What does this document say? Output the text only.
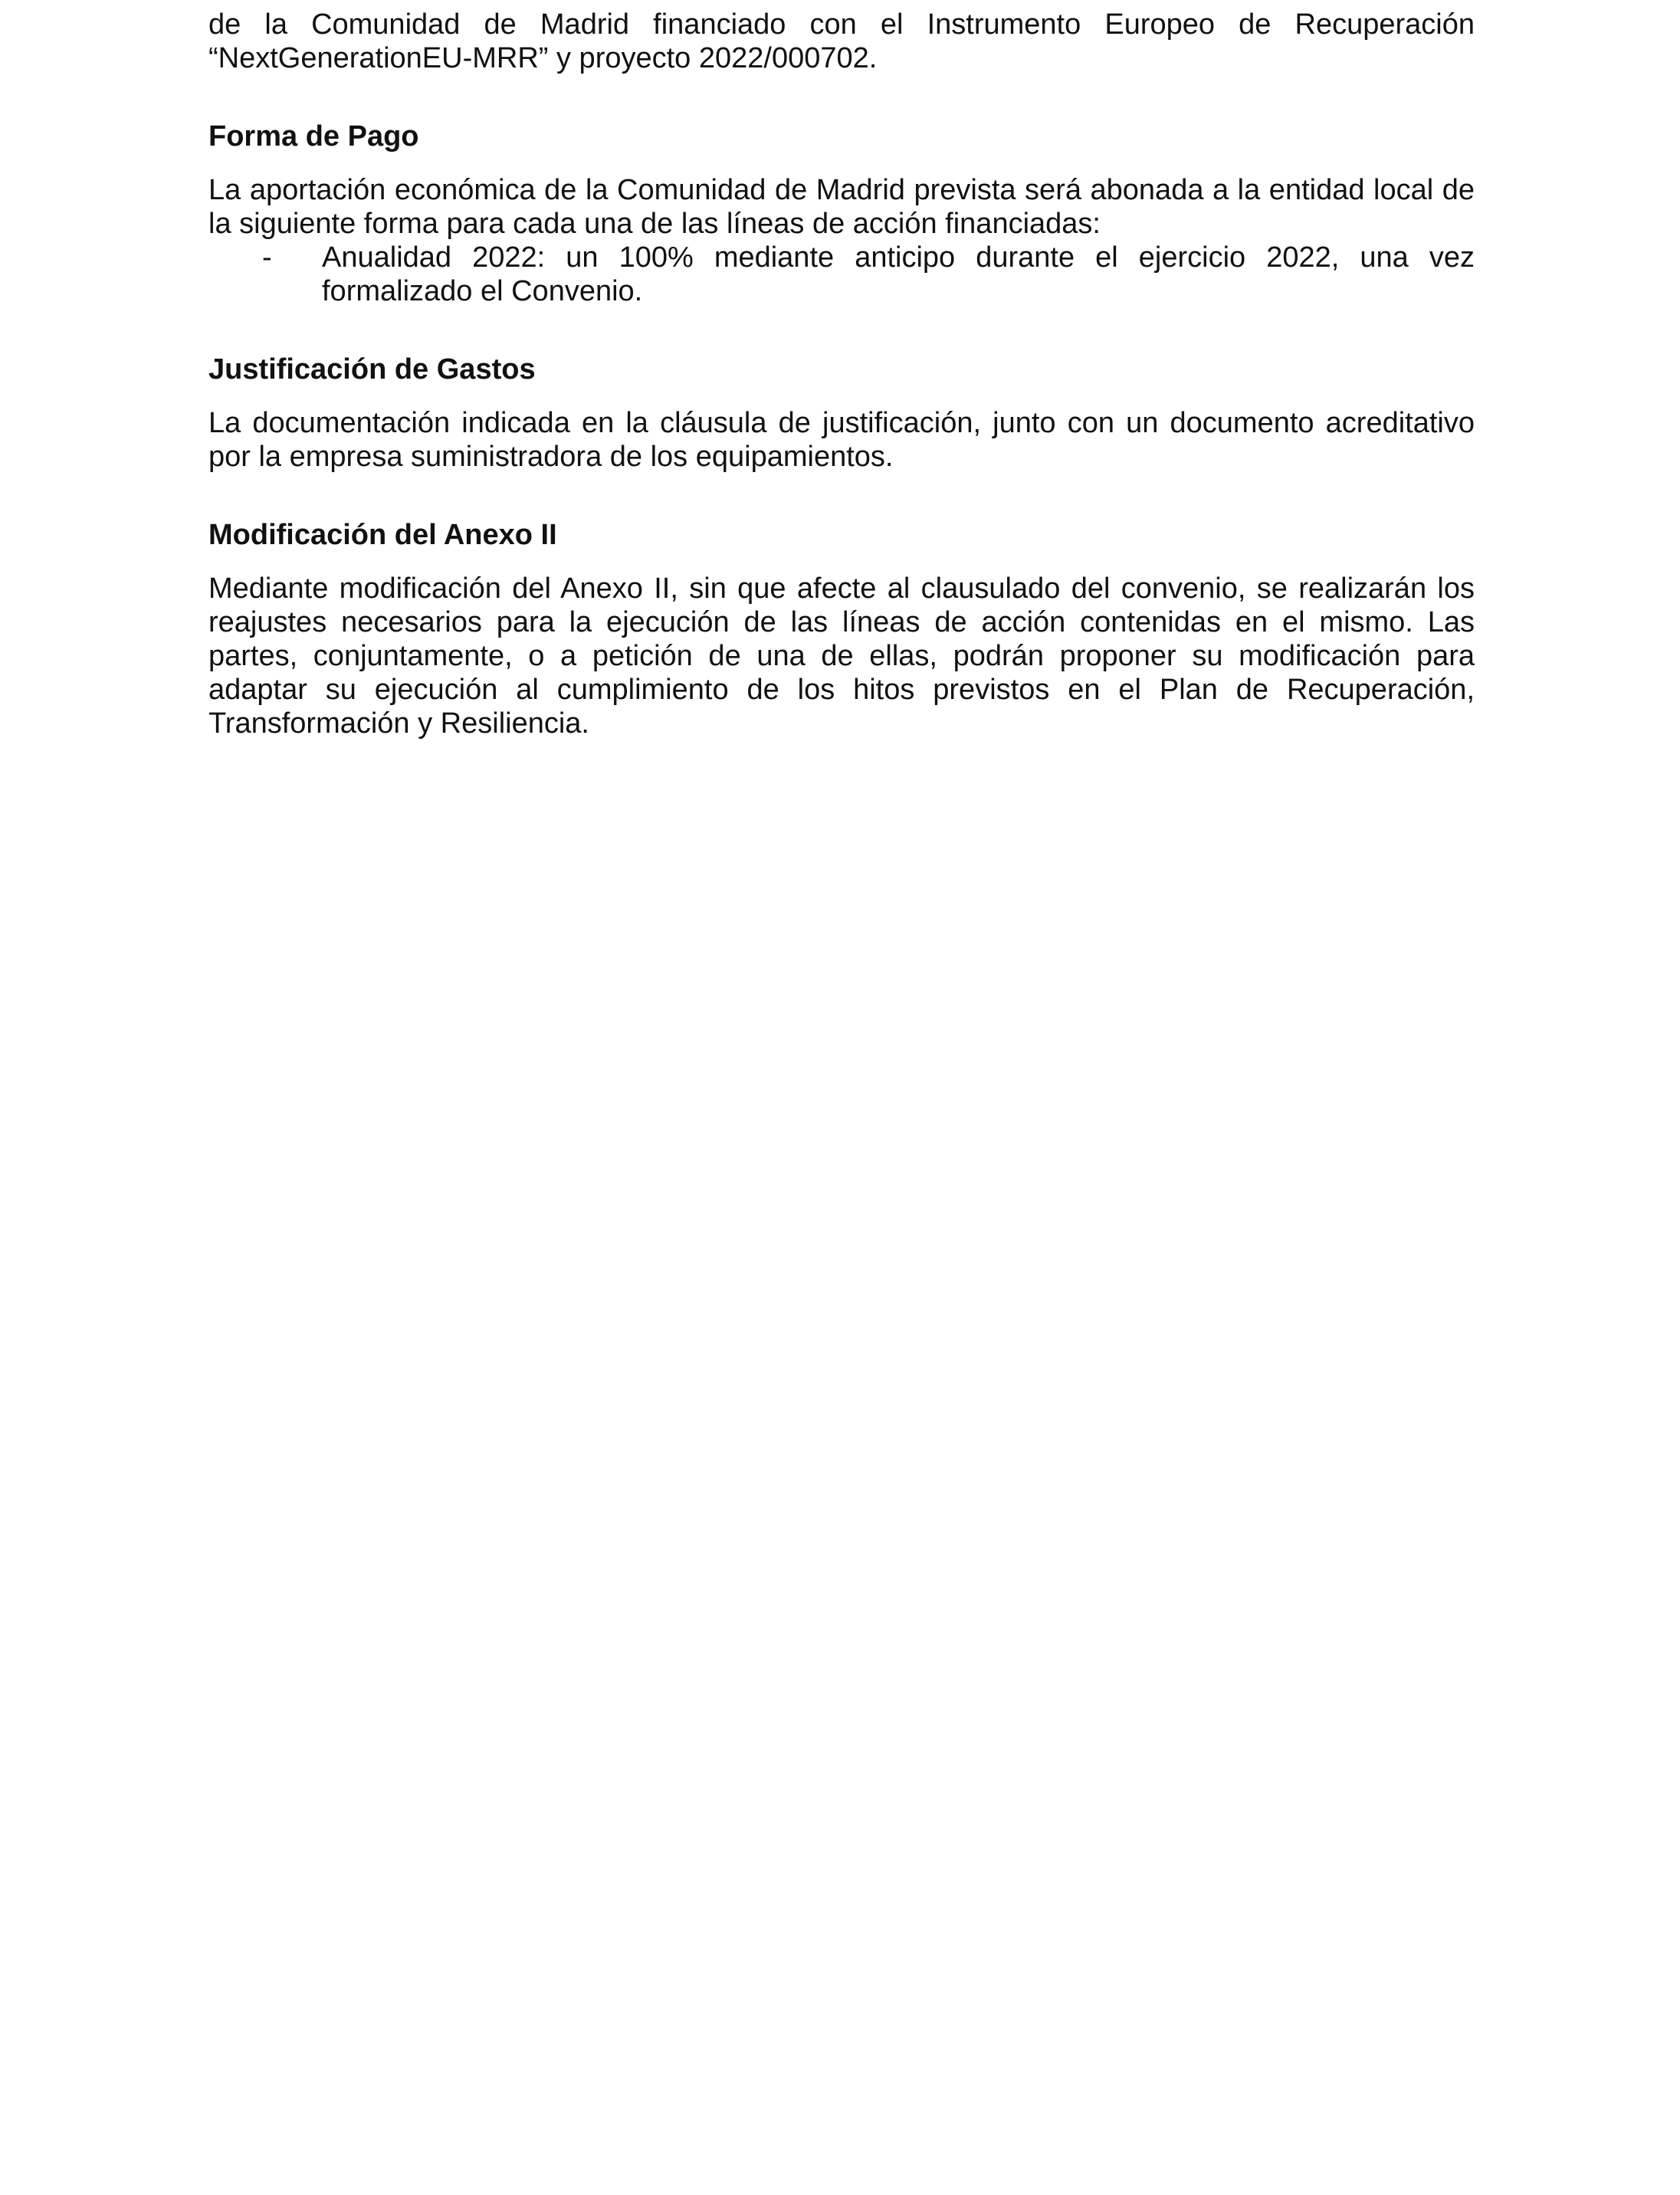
de la Comunidad de Madrid financiado con el Instrumento Europeo de Recuperación “NextGenerationEU-MRR” y proyecto 2022/000702.

Forma de Pago

La aportación económica de la Comunidad de Madrid prevista será abonada a la entidad local de la siguiente forma para cada una de las líneas de acción financiadas:

- Anualidad 2022: un 100% mediante anticipo durante el ejercicio 2022, una vez formalizado el Convenio.
Justificación de Gastos

La documentación indicada en la cláusula de justificación, junto con un documento acreditativo por la empresa suministradora de los equipamientos.

Modificación del Anexo II

Mediante modificación del Anexo II, sin que afecte al clausulado del convenio, se realizarán los reajustes necesarios para la ejecución de las líneas de acción contenidas en el mismo. Las partes, conjuntamente, o a petición de una de ellas, podrán proponer su modificación para adaptar su ejecución al cumplimiento de los hitos previstos en el Plan de Recuperación, Transformación y Resiliencia.
